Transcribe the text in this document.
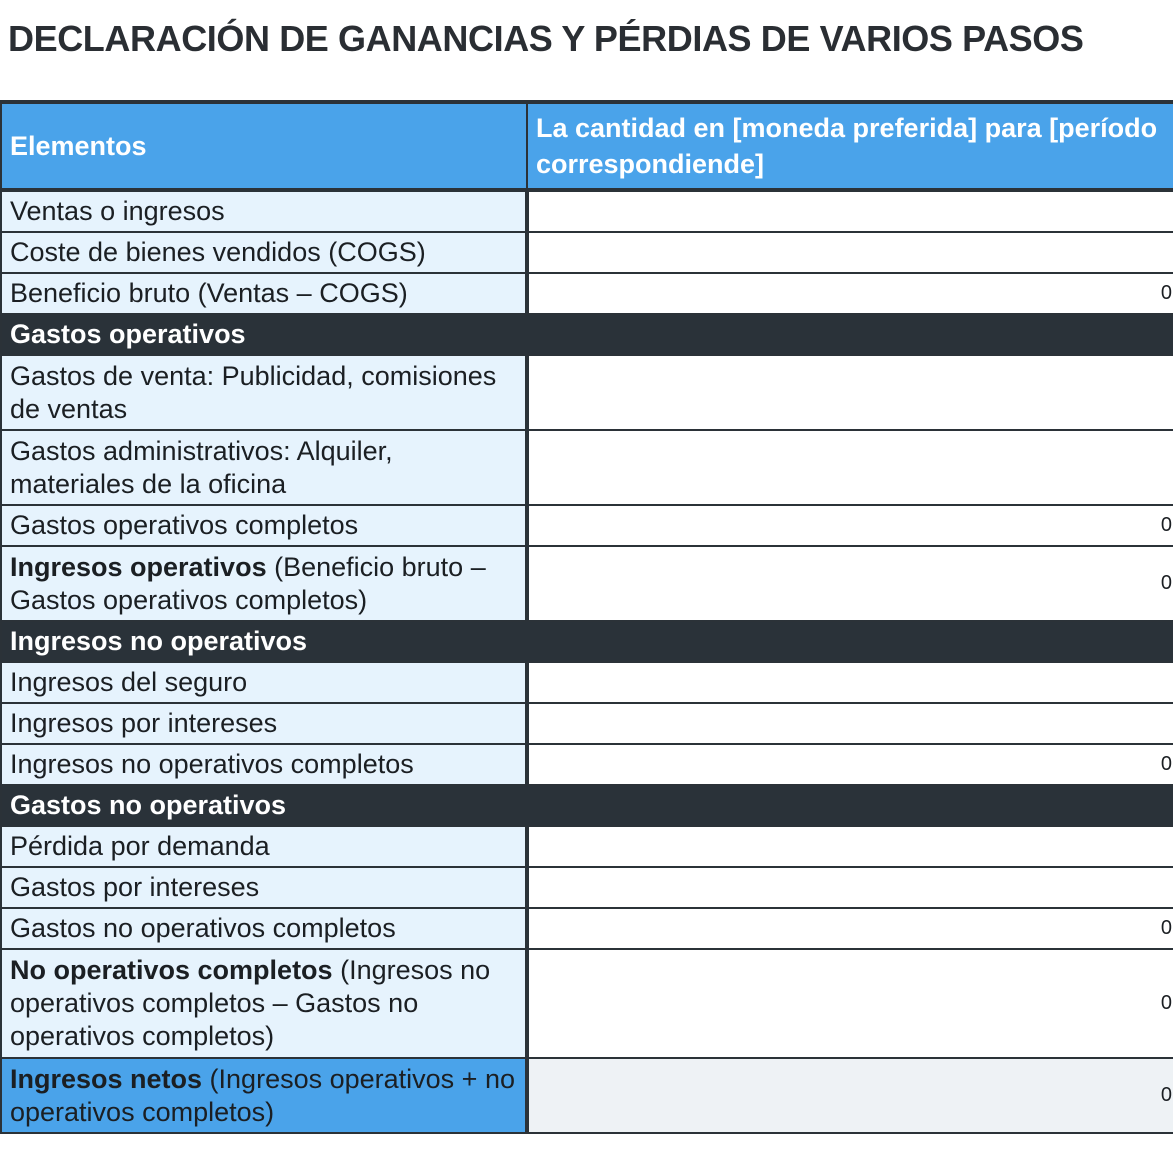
DECLARACIÓN DE GANANCIAS Y PÉRDIAS DE VARIOS PASOS
Elementos	La cantidad en [moneda preferida] para [período correspondiende]
Ventas o ingresos	
Coste de bienes vendidos (COGS)	
Beneficio bruto (Ventas – COGS)	0
Gastos operativos	
Gastos de venta: Publicidad, comisiones de ventas	
Gastos administrativos: Alquiler, materiales de la oficina	
Gastos operativos completos	0
Ingresos operativos (Beneficio bruto – Gastos operativos completos)	0
Ingresos no operativos	
Ingresos del seguro	
Ingresos por intereses	
Ingresos no operativos completos	0
Gastos no operativos	
Pérdida por demanda	
Gastos por intereses	
Gastos no operativos completos	0
No operativos completos (Ingresos no operativos completos – Gastos no operativos completos)	0
Ingresos netos (Ingresos operativos + no operativos completos)	0
